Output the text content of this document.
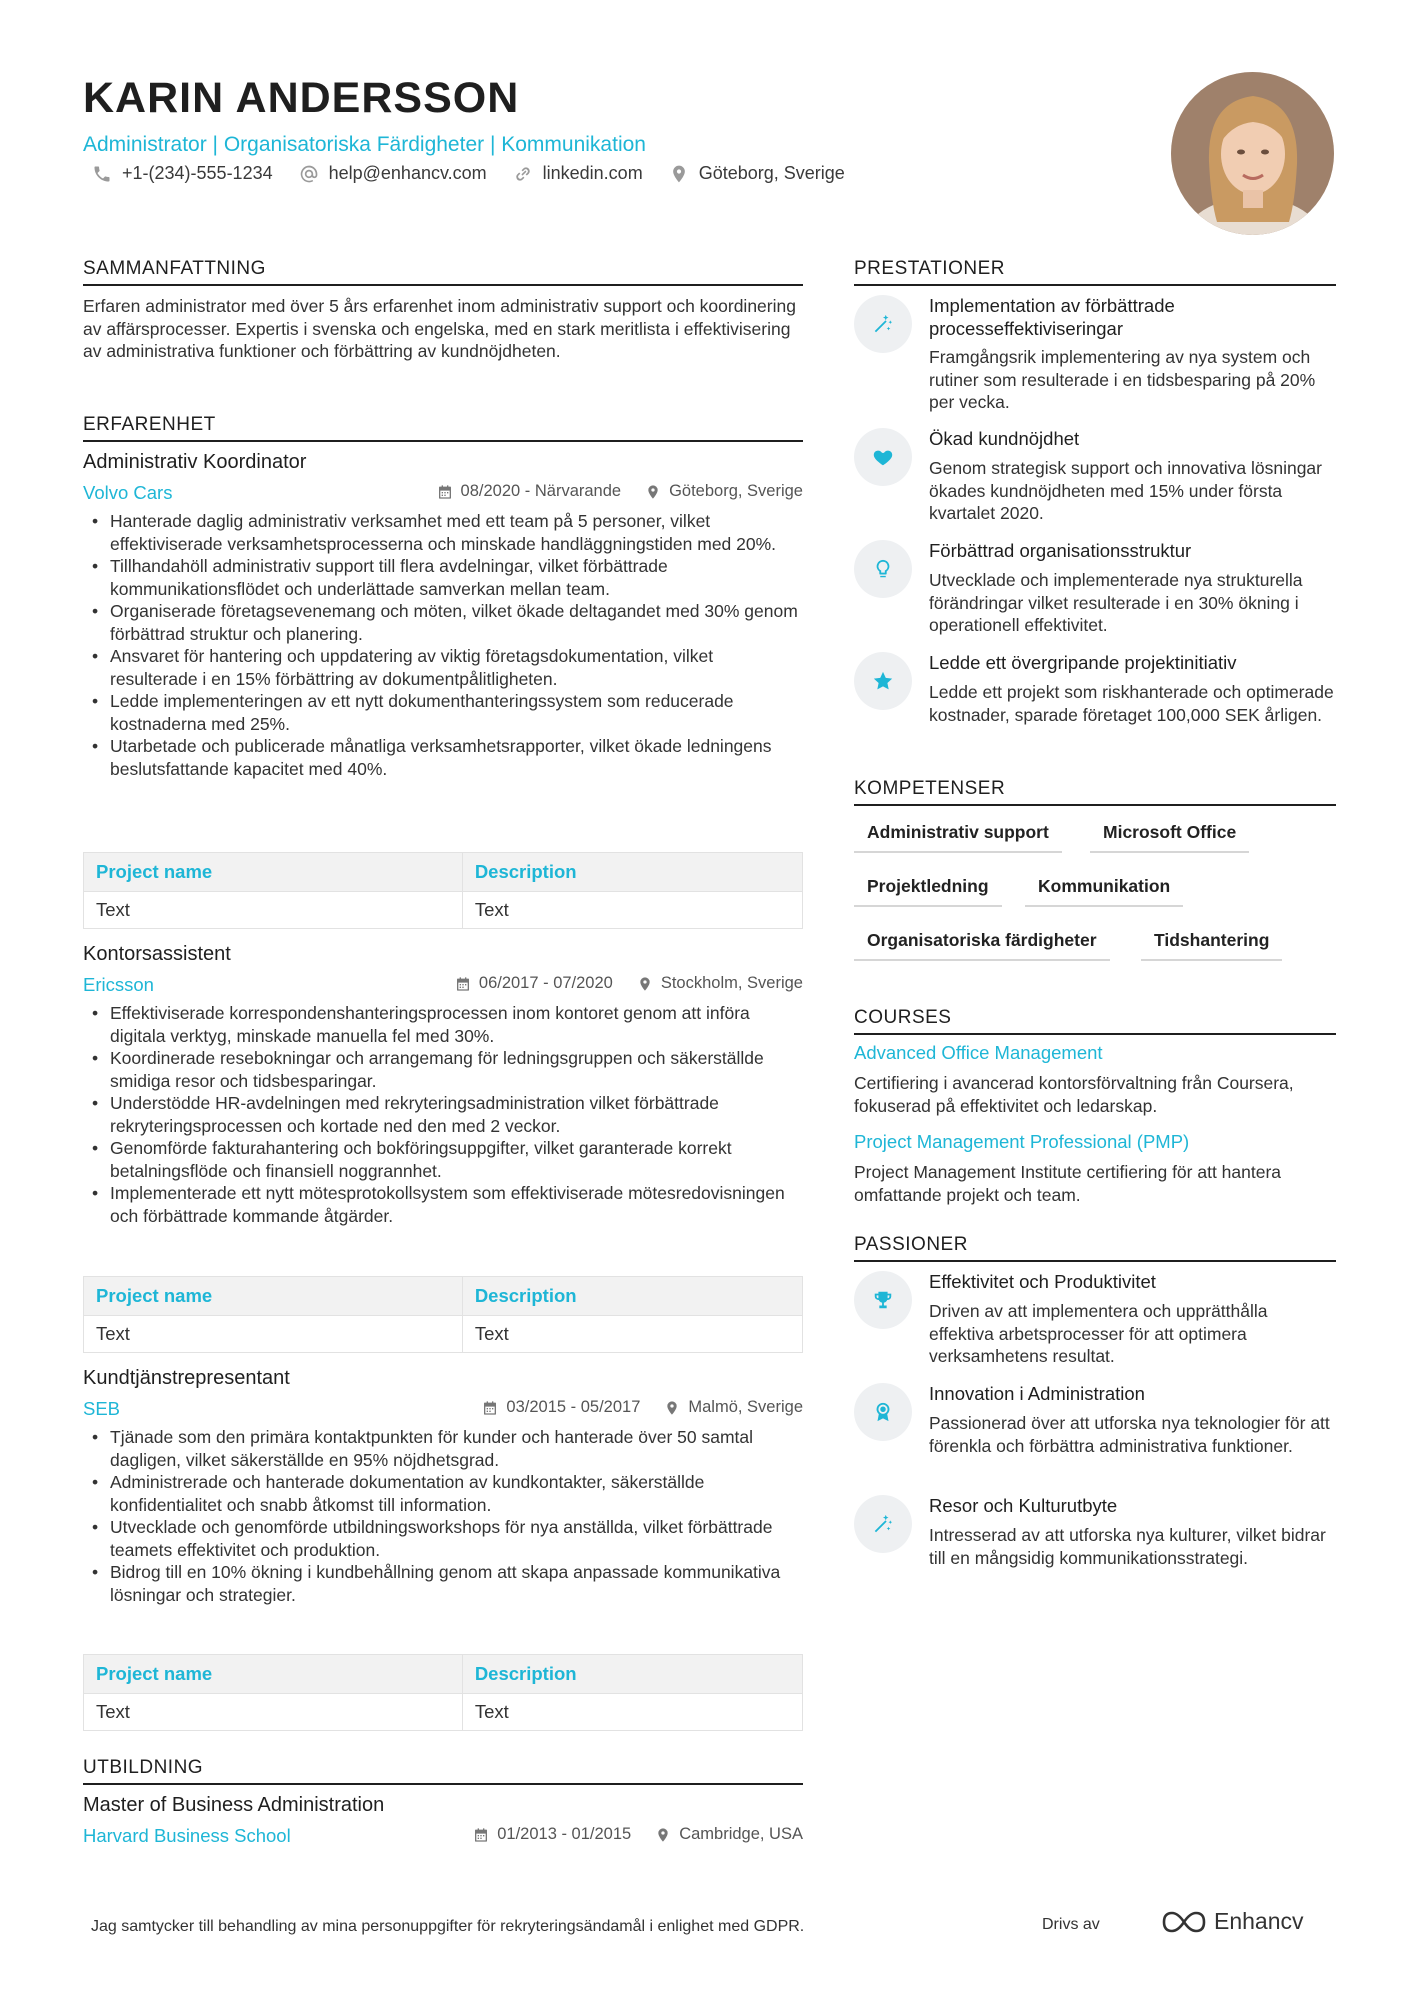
KARIN ANDERSSON
Administrator | Organisatoriska Färdigheter | Kommunikation
+1-(234)-555-1234	help@enhancv.com	linkedin.com	Göteborg, Sverige
SAMMANFATTNING
Erfaren administrator med över 5 års erfarenhet inom administrativ support och koordinering av affärsprocesser. Expertis i svenska och engelska, med en stark meritlista i effektivisering av administrativa funktioner och förbättring av kundnöjdheten.
ERFARENHET
Administrativ Koordinator
Volvo Cars	08/2020 - Närvarande	Göteborg, Sverige
• Hanterade daglig administrativ verksamhet med ett team på 5 personer, vilket effektiviserade verksamhetsprocesserna och minskade handläggningstiden med 20%.
• Tillhandahöll administrativ support till flera avdelningar, vilket förbättrade kommunikationsflödet och underlättade samverkan mellan team.
• Organiserade företagsevenemang och möten, vilket ökade deltagandet med 30% genom förbättrad struktur och planering.
• Ansvaret för hantering och uppdatering av viktig företagsdokumentation, vilket resulterade i en 15% förbättring av dokumentpålitligheten.
• Ledde implementeringen av ett nytt dokumenthanteringssystem som reducerade kostnaderna med 25%.
• Utarbetade och publicerade månatliga verksamhetsrapporter, vilket ökade ledningens beslutsfattande kapacitet med 40%.
Project name	Description
Text	Text
Kontorsassistent
Ericsson	06/2017 - 07/2020	Stockholm, Sverige
• Effektiviserade korrespondenshanteringsprocessen inom kontoret genom att införa digitala verktyg, minskade manuella fel med 30%.
• Koordinerade resebokningar och arrangemang för ledningsgruppen och säkerställde smidiga resor och tidsbesparingar.
• Understödde HR-avdelningen med rekryteringsadministration vilket förbättrade rekryteringsprocessen och kortade ned den med 2 veckor.
• Genomförde fakturahantering och bokföringsuppgifter, vilket garanterade korrekt betalningsflöde och finansiell noggrannhet.
• Implementerade ett nytt mötesprotokollsystem som effektiviserade mötesredovisningen och förbättrade kommande åtgärder.
Project name	Description
Text	Text
Kundtjänstrepresentant
SEB	03/2015 - 05/2017	Malmö, Sverige
• Tjänade som den primära kontaktpunkten för kunder och hanterade över 50 samtal dagligen, vilket säkerställde en 95% nöjdhetsgrad.
• Administrerade och hanterade dokumentation av kundkontakter, säkerställde konfidentialitet och snabb åtkomst till information.
• Utvecklade och genomförde utbildningsworkshops för nya anställda, vilket förbättrade teamets effektivitet och produktion.
• Bidrog till en 10% ökning i kundbehållning genom att skapa anpassade kommunikativa lösningar och strategier.
Project name	Description
Text	Text
UTBILDNING
Master of Business Administration
Harvard Business School	01/2013 - 01/2015	Cambridge, USA
PRESTATIONER
Implementation av förbättrade processeffektiviseringar
Framgångsrik implementering av nya system och rutiner som resulterade i en tidsbesparing på 20% per vecka.
Ökad kundnöjdhet
Genom strategisk support och innovativa lösningar ökades kundnöjdheten med 15% under första kvartalet 2020.
Förbättrad organisationsstruktur
Utvecklade och implementerade nya strukturella förändringar vilket resulterade i en 30% ökning i operationell effektivitet.
Ledde ett övergripande projektinitiativ
Ledde ett projekt som riskhanterade och optimerade kostnader, sparade företaget 100,000 SEK årligen.
KOMPETENSER
Administrativ support	Microsoft Office
Projektledning	Kommunikation
Organisatoriska färdigheter	Tidshantering
COURSES
Advanced Office Management
Certifiering i avancerad kontorsförvaltning från Coursera, fokuserad på effektivitet och ledarskap.
Project Management Professional (PMP)
Project Management Institute certifiering för att hantera omfattande projekt och team.
PASSIONER
Effektivitet och Produktivitet
Driven av att implementera och upprätthålla effektiva arbetsprocesser för att optimera verksamhetens resultat.
Innovation i Administration
Passionerad över att utforska nya teknologier för att förenkla och förbättra administrativa funktioner.
Resor och Kulturutbyte
Intresserad av att utforska nya kulturer, vilket bidrar till en mångsidig kommunikationsstrategi.
Jag samtycker till behandling av mina personuppgifter för rekryteringsändamål i enlighet med GDPR.	Drivs av	Enhancv
